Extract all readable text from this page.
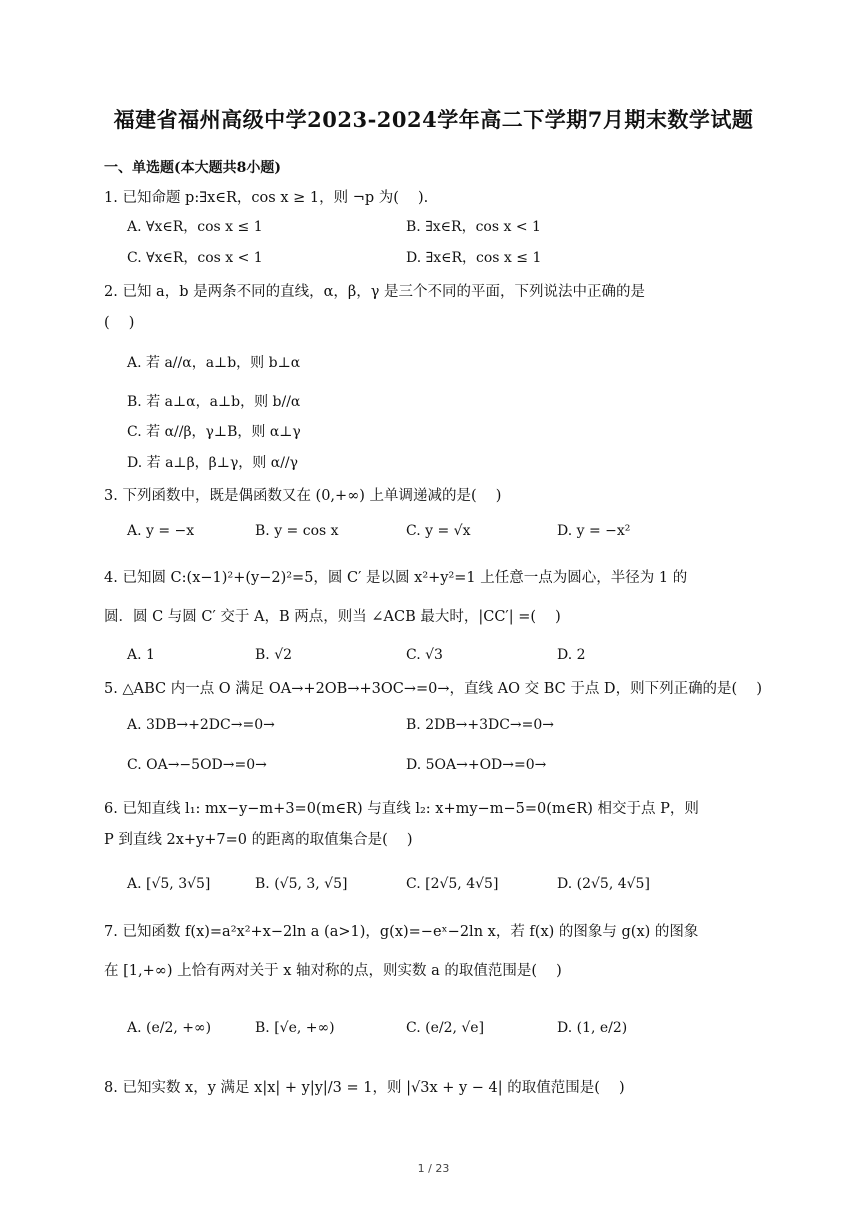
福建省福州高级中学2023-2024学年高二下学期7月期末数学试题
一、单选题(本大题共8小题)
1. 已知命题 p:∃x∈R，cos x ≥ 1，则 ¬p 为(　 ).
A. ∀x∈R，cos x ≤ 1	B. ∃x∈R，cos x < 1
C. ∀x∈R，cos x < 1	D. ∃x∈R，cos x ≤ 1
2. 已知 a，b 是两条不同的直线，α，β，γ 是三个不同的平面，下列说法中正确的是
(　 )
A. 若 a//α，a⊥b，则 b⊥α
B. 若 a⊥α，a⊥b，则 b//α
C. 若 α//β，γ⊥B，则 α⊥γ
D. 若 a⊥β，β⊥γ，则 α//γ
3. 下列函数中，既是偶函数又在 (0,+∞) 上单调递减的是(　 )
A. y = −x	B. y = cos x	C. y = √x	D. y = −x²
4. 已知圆 C:(x−1)²+(y−2)²=5，圆 C′ 是以圆 x²+y²=1 上任意一点为圆心，半径为 1 的
圆．圆 C 与圆 C′ 交于 A，B 两点，则当 ∠ACB 最大时，|CC′| =(　 )
A. 1	B. √2	C. √3	D. 2
5. △ABC 内一点 O 满足 OA→+2OB→+3OC→=0→，直线 AO 交 BC 于点 D，则下列正确的是(　 )
A. 3DB→+2DC→=0→	B. 2DB→+3DC→=0→
C. OA→−5OD→=0→	D. 5OA→+OD→=0→
6. 已知直线 l₁: mx−y−m+3=0(m∈R) 与直线 l₂: x+my−m−5=0(m∈R) 相交于点 P，则
P 到直线 2x+y+7=0 的距离的取值集合是(　 )
A. [√5, 3√5]	B. (√5, 3, √5]	C. [2√5, 4√5]	D. (2√5, 4√5]
7. 已知函数 f(x)=a²x²+x−2ln a (a>1)，g(x)=−eˣ−2ln x，若 f(x) 的图象与 g(x) 的图象
在 [1,+∞) 上恰有两对关于 x 轴对称的点，则实数 a 的取值范围是(　 )
A. (e/2, +∞)	B. [√e, +∞)	C. (e/2, √e]	D. (1, e/2)
8. 已知实数 x，y 满足 x|x| + y|y|/3 = 1，则 |√3x + y − 4| 的取值范围是(　 )
1 / 23
